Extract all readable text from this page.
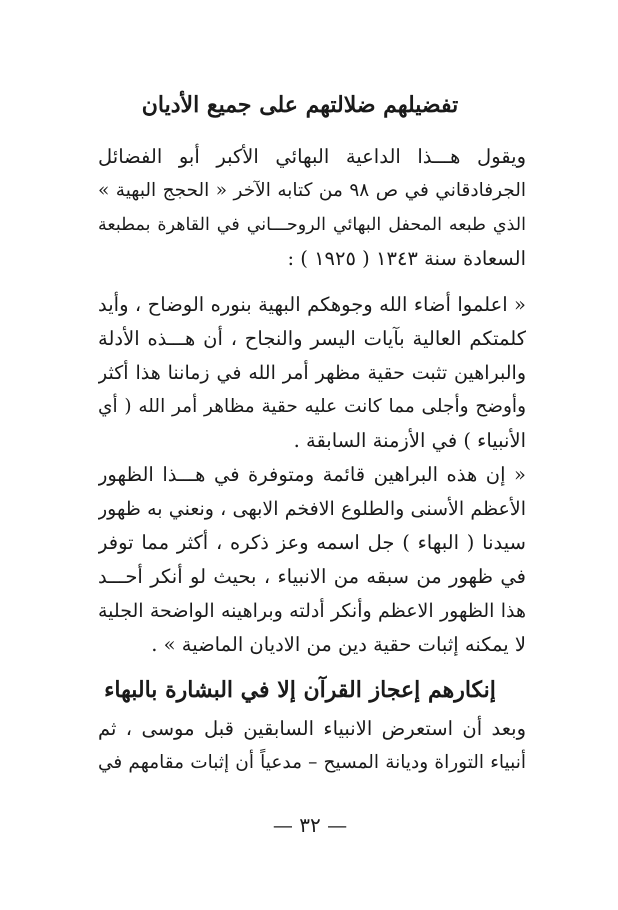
تفضيلهم ضلالتهم على جميع الأديان
ويقول هـــذا الداعية البهائي الأكبر أبو الفضائل
الجرفادقاني في ص ٩٨ من كتابه الآخر « الحجج البهية »
الذي طبعه المحفل البهائي الروحـــاني في القاهرة بمطبعة
السعادة سنة ١٣٤٣ ( ١٩٢٥ ) :
« اعلموا أضاء الله وجوهكم البهية بنوره الوضاح ، وأيد
كلمتكم العالية بآيات اليسر والنجاح ، أن هـــذه الأدلة
والبراهين تثبت حقية مظهر أمر الله في زماننا هذا أكثر
وأوضح وأجلى مما كانت عليه حقية مظاهر أمر الله ( أي
الأنبياء ) في الأزمنة السابقة .
« إن هذه البراهين قائمة ومتوفرة في هـــذا الظهور
الأعظم الأسنى والطلوع الافخم الابهى ، ونعني به ظهور
سيدنا ( البهاء ) جل اسمه وعز ذكره ، أكثر مما توفر
في ظهور من سبقه من الانبياء ، بحيث لو أنكر أحـــد
هذا الظهور الاعظم وأنكر أدلته وبراهينه الواضحة الجلية
لا يمكنه إثبات حقية دين من الاديان الماضية » .
إنكارهم إعجاز القرآن إلا في البشارة بالبهاء
وبعد أن استعرض الانبياء السابقين قبل موسى ، ثم
أنبياء التوراة وديانة المسيح – مدعياً أن إثبات مقامهم في
— ٣٢ —
